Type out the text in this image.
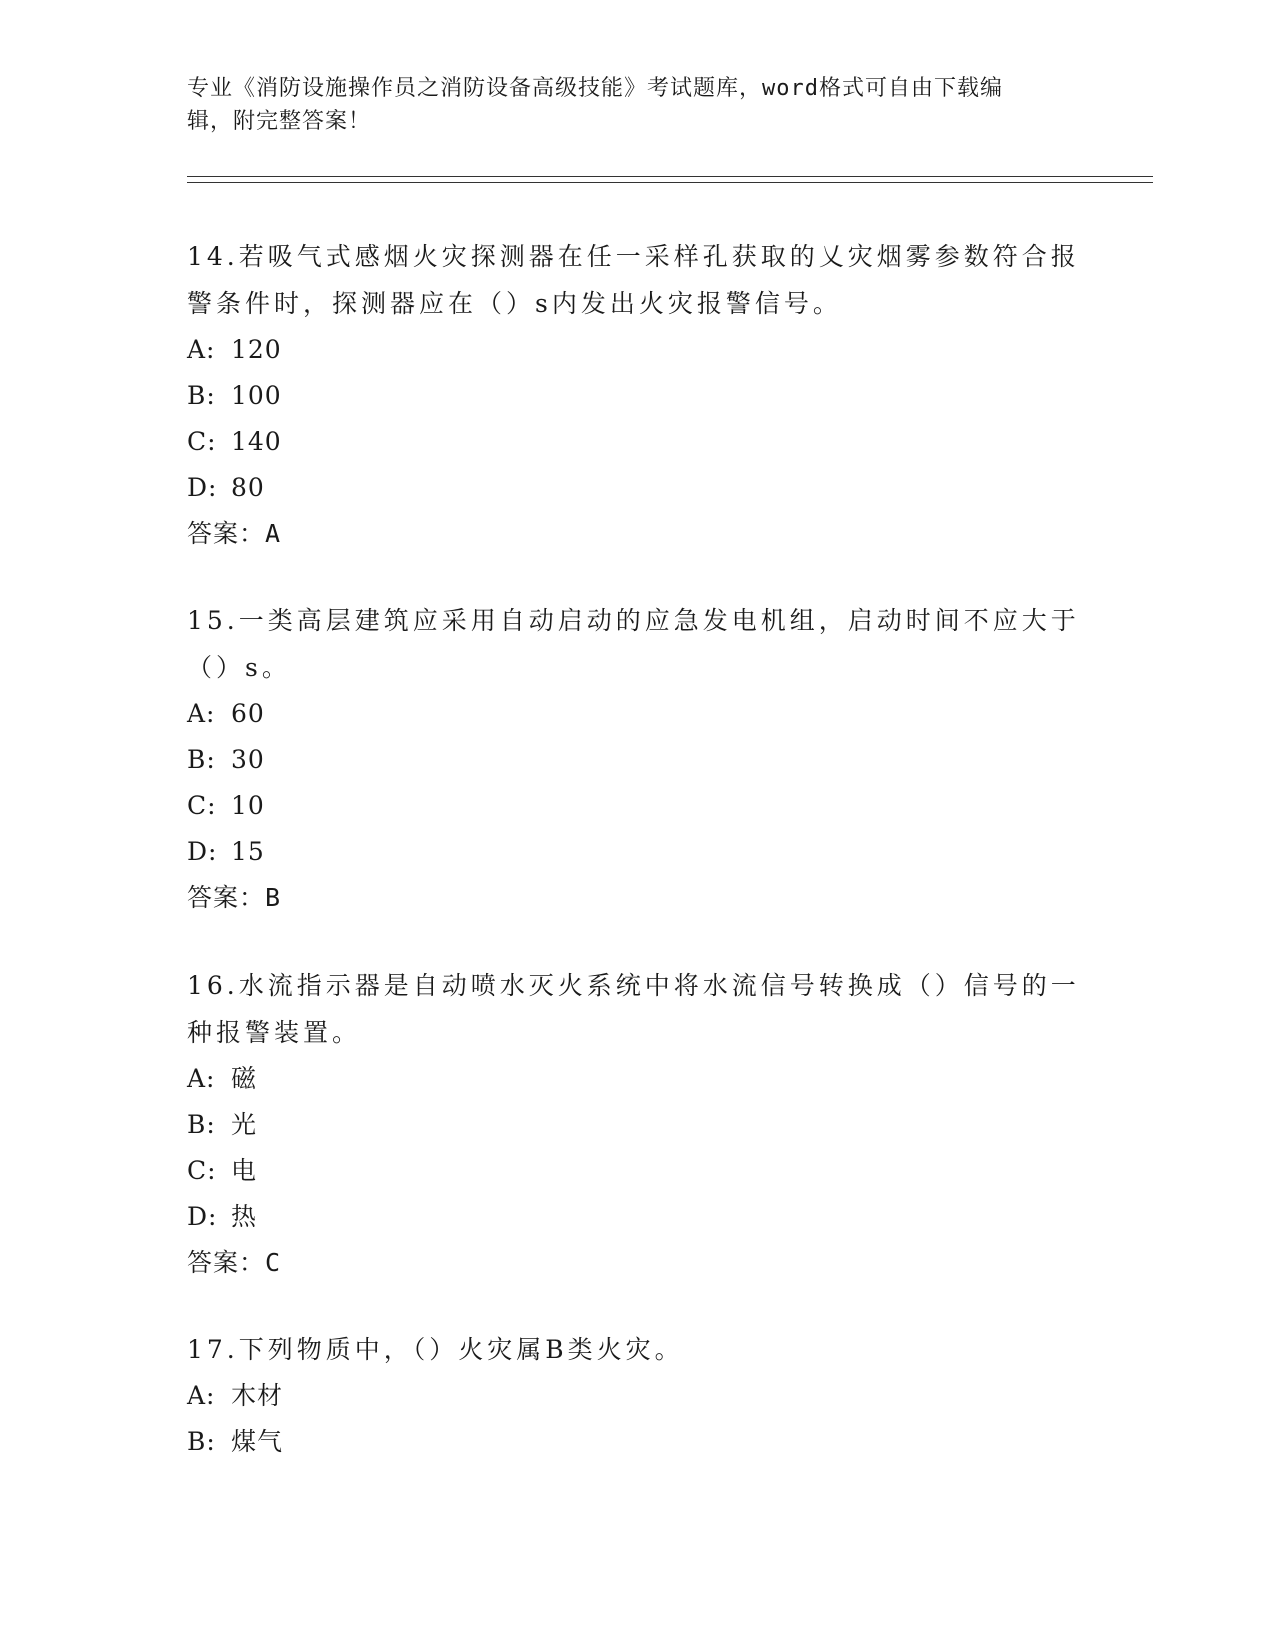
专业《消防设施操作员之消防设备高级技能》考试题库，word格式可自由下载编
辑，附完整答案！

14.若吸气式感烟火灾探测器在任一采样孔获取的乂灾烟雾参数符合报警条件时，探测器应在（）s内发出火灾报警信号。

A: 120
B: 100
C: 140
D: 80
答案：A

15.一类高层建筑应采用自动启动的应急发电机组，启动时间不应大于（）s。

A: 60
B: 30
C: 10
D: 15
答案：B

16.水流指示器是自动喷水灭火系统中将水流信号转换成（）信号的一种报警装置。

A: 磁
B: 光
C: 电
D: 热
答案：C

17.下列物质中，（）火灾属B类火灾。

A: 木材
B: 煤气
